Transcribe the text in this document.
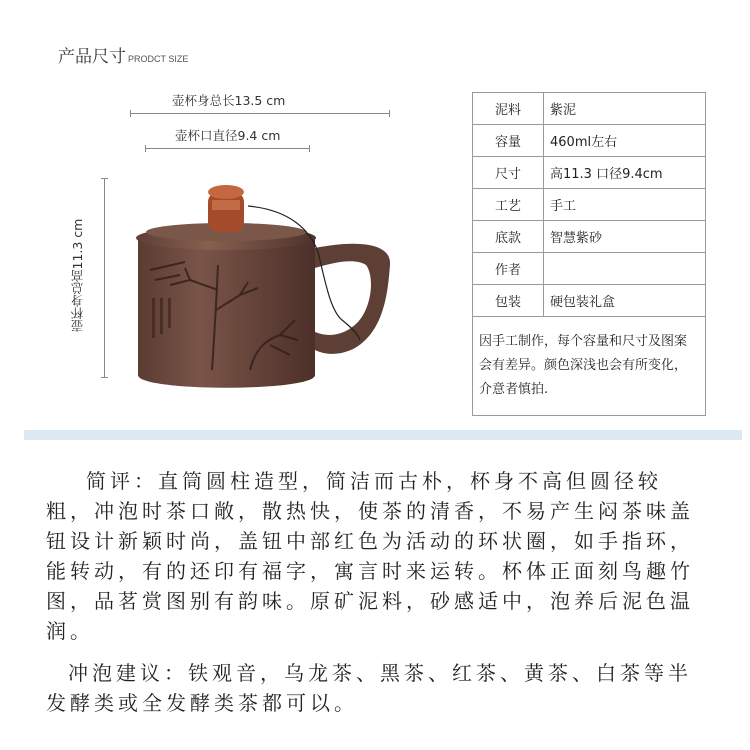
产品尺寸 PRODCT SIZE
壶杯身总长13.5 cm
壶杯口直径9.4 cm
壶杯身总高11.3 cm
泥料	紫泥
容量	460ml左右
尺寸	高11.3 口径9.4cm
工艺	手工
底款	智慧紫砂
作者	
包装	硬包装礼盒
因手工制作，每个容量和尺寸及图案会有差异。颜色深浅也会有所变化，介意者慎拍.	
简评：直筒圆柱造型，简洁而古朴，杯身不高但圆径较粗，冲泡时茶口敞，散热快，使茶的清香，不易产生闷茶味盖钮设计新颖时尚，盖钮中部红色为活动的环状圈，如手指环，能转动，有的还印有福字，寓言时来运转。杯体正面刻鸟趣竹图，品茗赏图别有韵味。原矿泥料，砂感适中，泡养后泥色温润。
冲泡建议：铁观音，乌龙茶、黑茶、红茶、黄茶、白茶等半发酵类或全发酵类茶都可以。
